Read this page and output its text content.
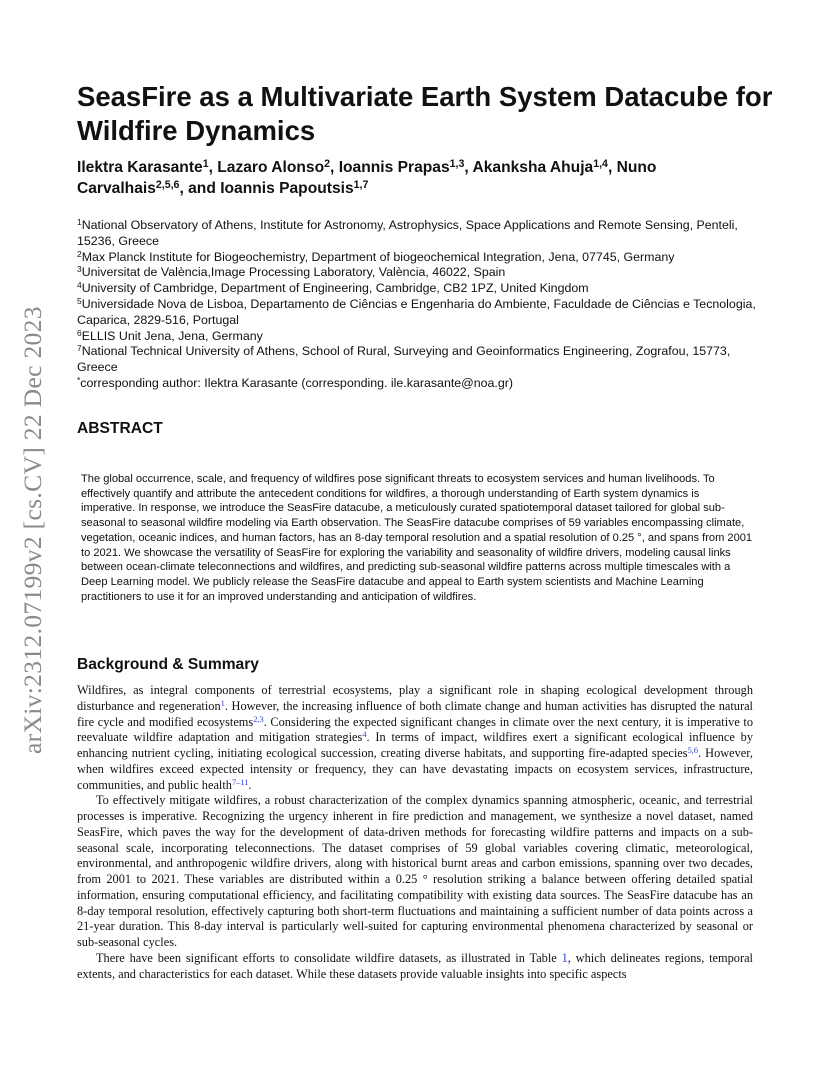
arXiv:2312.07199v2 [cs.CV] 22 Dec 2023
SeasFire as a Multivariate Earth System Datacube for Wildfire Dynamics
Ilektra Karasante$^1$, Lazaro Alonso$^2$, Ioannis Prapas$^{1,3}$, Akanksha Ahuja$^{1,4}$, Nuno Carvalhais$^{2,5,6}$, and Ioannis Papoutsis$^{1,7}$
$^1$National Observatory of Athens, Institute for Astronomy, Astrophysics, Space Applications and Remote Sensing, Penteli, 15236, Greece
$^2$Max Planck Institute for Biogeochemistry, Department of biogeochemical Integration, Jena, 07745, Germany
$^3$Universitat de València,Image Processing Laboratory, València, 46022, Spain
$^4$University of Cambridge, Department of Engineering, Cambridge, CB2 1PZ, United Kingdom
$^5$Universidade Nova de Lisboa, Departamento de Ciências e Engenharia do Ambiente, Faculdade de Ciências e Tecnologia, Caparica, 2829-516, Portugal
$^6$ELLIS Unit Jena, Jena, Germany
$^7$National Technical University of Athens, School of Rural, Surveying and Geoinformatics Engineering, Zografou, 15773, Greece
*corresponding author: Ilektra Karasante (corresponding. ile.karasante@noa.gr)
ABSTRACT

The global occurrence, scale, and frequency of wildfires pose significant threats to ecosystem services and human livelihoods. To effectively quantify and attribute the antecedent conditions for wildfires, a thorough understanding of Earth system dynamics is imperative. In response, we introduce the SeasFire datacube, a meticulously curated spatiotemporal dataset tailored for global sub-seasonal to seasonal wildfire modeling via Earth observation. The SeasFire datacube comprises of 59 variables encompassing climate, vegetation, oceanic indices, and human factors, has an 8-day temporal resolution and a spatial resolution of 0.25 °, and spans from 2001 to 2021. We showcase the versatility of SeasFire for exploring the variability and seasonality of wildfire drivers, modeling causal links between ocean-climate teleconnections and wildfires, and predicting sub-seasonal wildfire patterns across multiple timescales with a Deep Learning model. We publicly release the SeasFire datacube and appeal to Earth system scientists and Machine Learning practitioners to use it for an improved understanding and anticipation of wildfires.

Background & Summary

Wildfires, as integral components of terrestrial ecosystems, play a significant role in shaping ecological development through disturbance and regeneration$^1$. However, the increasing influence of both climate change and human activities has disrupted the natural fire cycle and modified ecosystems$^{2,3}$. Considering the expected significant changes in climate over the next century, it is imperative to reevaluate wildfire adaptation and mitigation strategies$^4$. In terms of impact, wildfires exert a significant ecological influence by enhancing nutrient cycling, initiating ecological succession, creating diverse habitats, and supporting fire-adapted species$^{5,6}$. However, when wildfires exceed expected intensity or frequency, they can have devastating impacts on ecosystem services, infrastructure, communities, and public health$^{7-11}$.

To effectively mitigate wildfires, a robust characterization of the complex dynamics spanning atmospheric, oceanic, and terrestrial processes is imperative. Recognizing the urgency inherent in fire prediction and management, we synthesize a novel dataset, named SeasFire, which paves the way for the development of data-driven methods for forecasting wildfire patterns and impacts on a sub-seasonal scale, incorporating teleconnections. The dataset comprises of 59 global variables covering climatic, meteorological, environmental, and anthropogenic wildfire drivers, along with historical burnt areas and carbon emissions, spanning over two decades, from 2001 to 2021. These variables are distributed within a 0.25 ° resolution striking a balance between offering detailed spatial information, ensuring computational efficiency, and facilitating compatibility with existing data sources. The SeasFire datacube has an 8-day temporal resolution, effectively capturing both short-term fluctuations and maintaining a sufficient number of data points across a 21-year duration. This 8-day interval is particularly well-suited for capturing environmental phenomena characterized by seasonal or sub-seasonal cycles.

There have been significant efforts to consolidate wildfire datasets, as illustrated in Table 1, which delineates regions, temporal extents, and characteristics for each dataset. While these datasets provide valuable insights into specific aspects
